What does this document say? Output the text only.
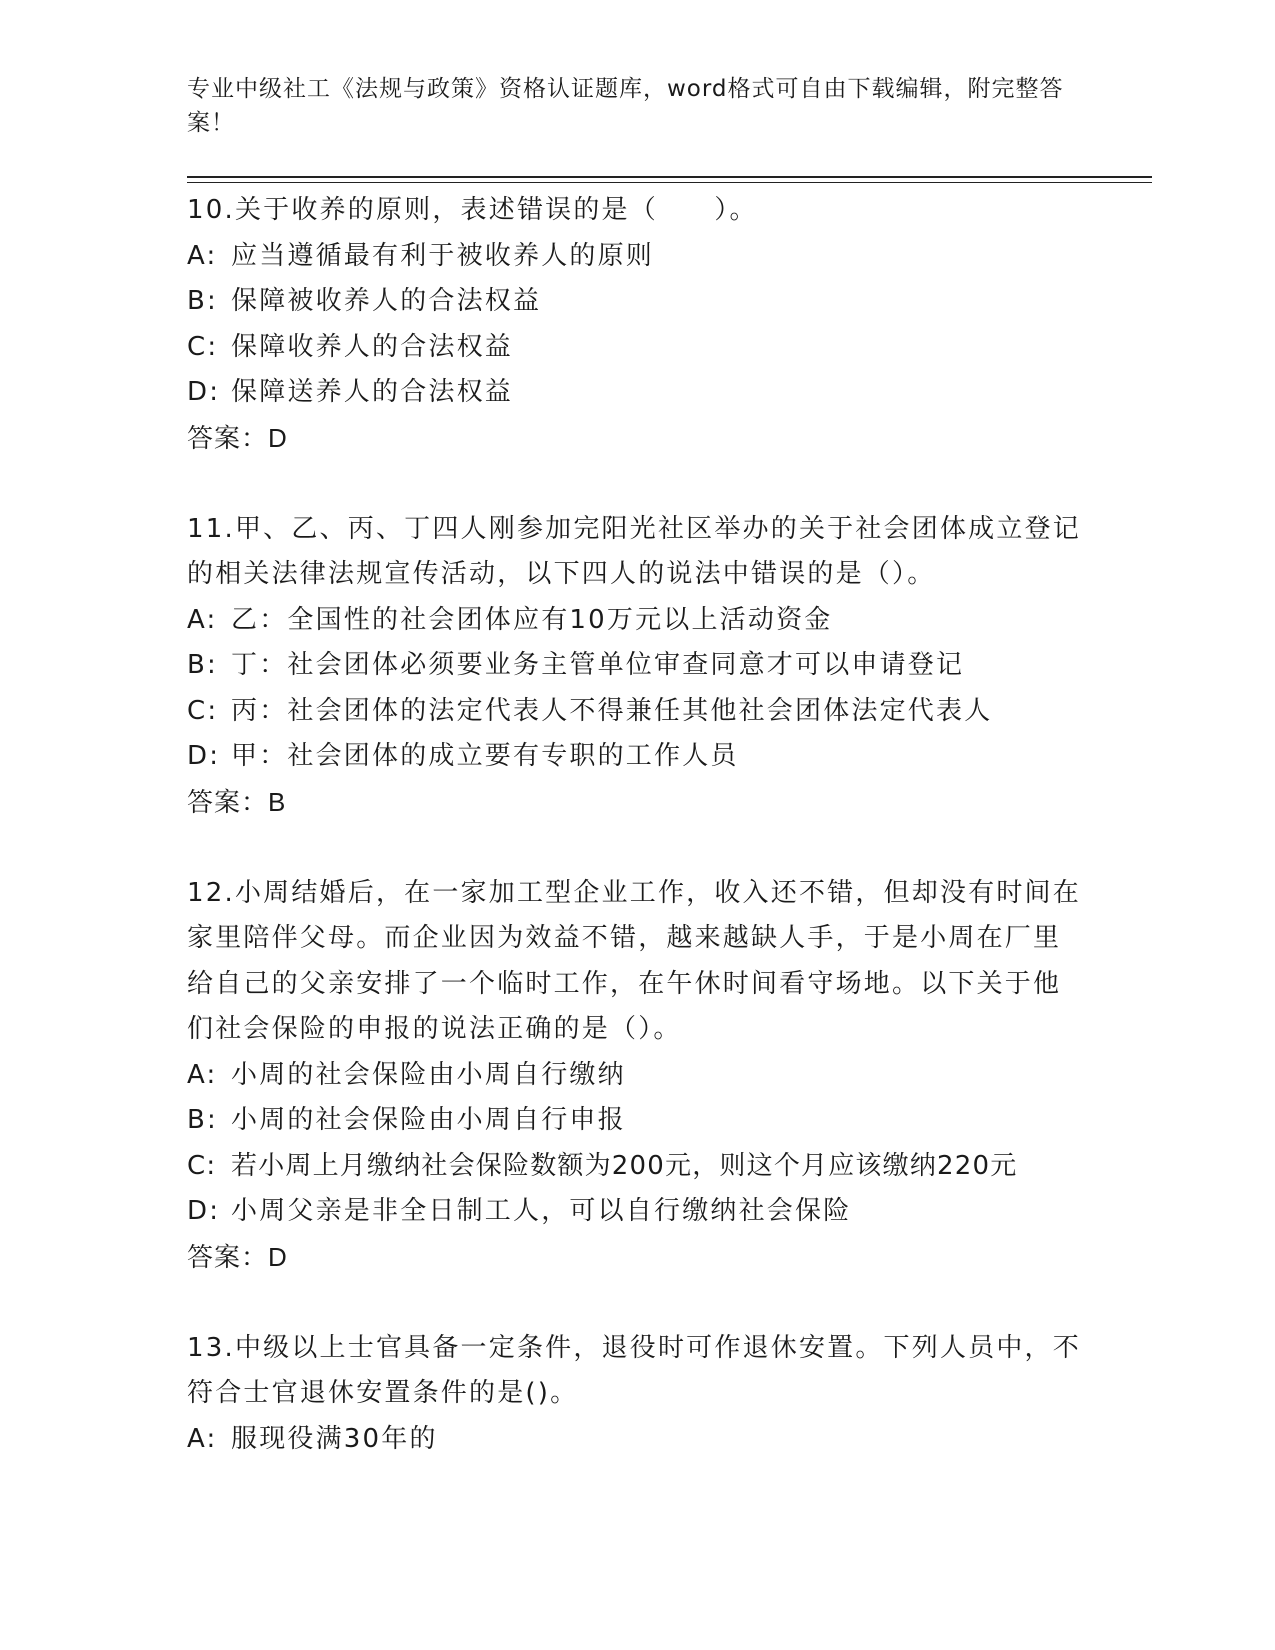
专业中级社工《法规与政策》资格认证题库，word格式可自由下载编辑，附完整答案！
10.关于收养的原则，表述错误的是（　　）。
A: 应当遵循最有利于被收养人的原则
B: 保障被收养人的合法权益
C: 保障收养人的合法权益
D: 保障送养人的合法权益
答案：D
11.甲、乙、丙、丁四人刚参加完阳光社区举办的关于社会团体成立登记的相关法律法规宣传活动，以下四人的说法中错误的是（）。
A: 乙：全国性的社会团体应有10万元以上活动资金
B: 丁：社会团体必须要业务主管单位审查同意才可以申请登记
C: 丙：社会团体的法定代表人不得兼任其他社会团体法定代表人
D: 甲：社会团体的成立要有专职的工作人员
答案：B
12.小周结婚后，在一家加工型企业工作，收入还不错，但却没有时间在家里陪伴父母。而企业因为效益不错，越来越缺人手，于是小周在厂里给自己的父亲安排了一个临时工作，在午休时间看守场地。以下关于他们社会保险的申报的说法正确的是（）。
A: 小周的社会保险由小周自行缴纳
B: 小周的社会保险由小周自行申报
C: 若小周上月缴纳社会保险数额为200元，则这个月应该缴纳220元
D: 小周父亲是非全日制工人，可以自行缴纳社会保险
答案：D
13.中级以上士官具备一定条件，退役时可作退休安置。下列人员中，不符合士官退休安置条件的是()。
A: 服现役满30年的
